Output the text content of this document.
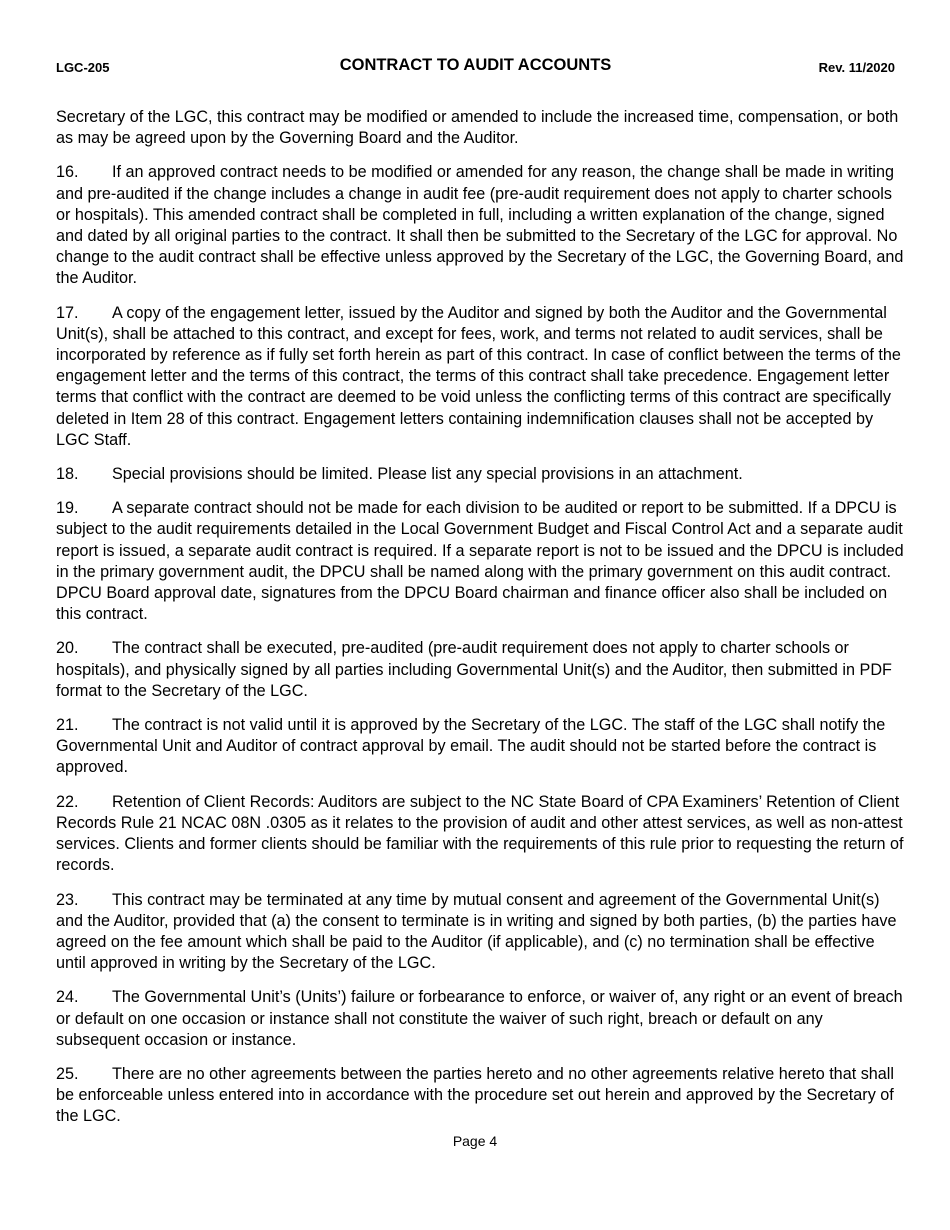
LGC-205	CONTRACT TO AUDIT ACCOUNTS	Rev. 11/2020

Secretary of the LGC, this contract may be modified or amended to include the increased time, compensation, or both as may be agreed upon by the Governing Board and the Auditor.

16. If an approved contract needs to be modified or amended for any reason, the change shall be made in writing and pre-audited if the change includes a change in audit fee (pre-audit requirement does not apply to charter schools or hospitals). This amended contract shall be completed in full, including a written explanation of the change, signed and dated by all original parties to the contract. It shall then be submitted to the Secretary of the LGC for approval. No change to the audit contract shall be effective unless approved by the Secretary of the LGC, the Governing Board, and the Auditor.

17. A copy of the engagement letter, issued by the Auditor and signed by both the Auditor and the Governmental Unit(s), shall be attached to this contract, and except for fees, work, and terms not related to audit services, shall be incorporated by reference as if fully set forth herein as part of this contract. In case of conflict between the terms of the engagement letter and the terms of this contract, the terms of this contract shall take precedence. Engagement letter terms that conflict with the contract are deemed to be void unless the conflicting terms of this contract are specifically deleted in Item 28 of this contract. Engagement letters containing indemnification clauses shall not be accepted by LGC Staff.

18. Special provisions should be limited. Please list any special provisions in an attachment.

19. A separate contract should not be made for each division to be audited or report to be submitted. If a DPCU is subject to the audit requirements detailed in the Local Government Budget and Fiscal Control Act and a separate audit report is issued, a separate audit contract is required. If a separate report is not to be issued and the DPCU is included in the primary government audit, the DPCU shall be named along with the primary government on this audit contract. DPCU Board approval date, signatures from the DPCU Board chairman and finance officer also shall be included on this contract.

20. The contract shall be executed, pre-audited (pre-audit requirement does not apply to charter schools or hospitals), and physically signed by all parties including Governmental Unit(s) and the Auditor, then submitted in PDF format to the Secretary of the LGC.

21. The contract is not valid until it is approved by the Secretary of the LGC. The staff of the LGC shall notify the Governmental Unit and Auditor of contract approval by email. The audit should not be started before the contract is approved.

22. Retention of Client Records: Auditors are subject to the NC State Board of CPA Examiners’ Retention of Client Records Rule 21 NCAC 08N .0305 as it relates to the provision of audit and other attest services, as well as non-attest services. Clients and former clients should be familiar with the requirements of this rule prior to requesting the return of records.

23. This contract may be terminated at any time by mutual consent and agreement of the Governmental Unit(s) and the Auditor, provided that (a) the consent to terminate is in writing and signed by both parties, (b) the parties have agreed on the fee amount which shall be paid to the Auditor (if applicable), and (c) no termination shall be effective until approved in writing by the Secretary of the LGC.

24. The Governmental Unit’s (Units’) failure or forbearance to enforce, or waiver of, any right or an event of breach or default on one occasion or instance shall not constitute the waiver of such right, breach or default on any subsequent occasion or instance.

25. There are no other agreements between the parties hereto and no other agreements relative hereto that shall be enforceable unless entered into in accordance with the procedure set out herein and approved by the Secretary of the LGC.

Page 4
